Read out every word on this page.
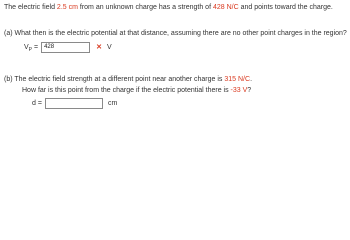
The electric field 2.5 cm from an unknown charge has a strength of 428 N/C and points toward the charge.
(a) What then is the electric potential at that distance, assuming there are no other point charges in the region?
$V_P$ =
428	✕ V
(b) The electric field strength at a different point near another charge is 315 N/C.
How far is this point from the charge if the electric potential there is -33 V?
d =	cm
